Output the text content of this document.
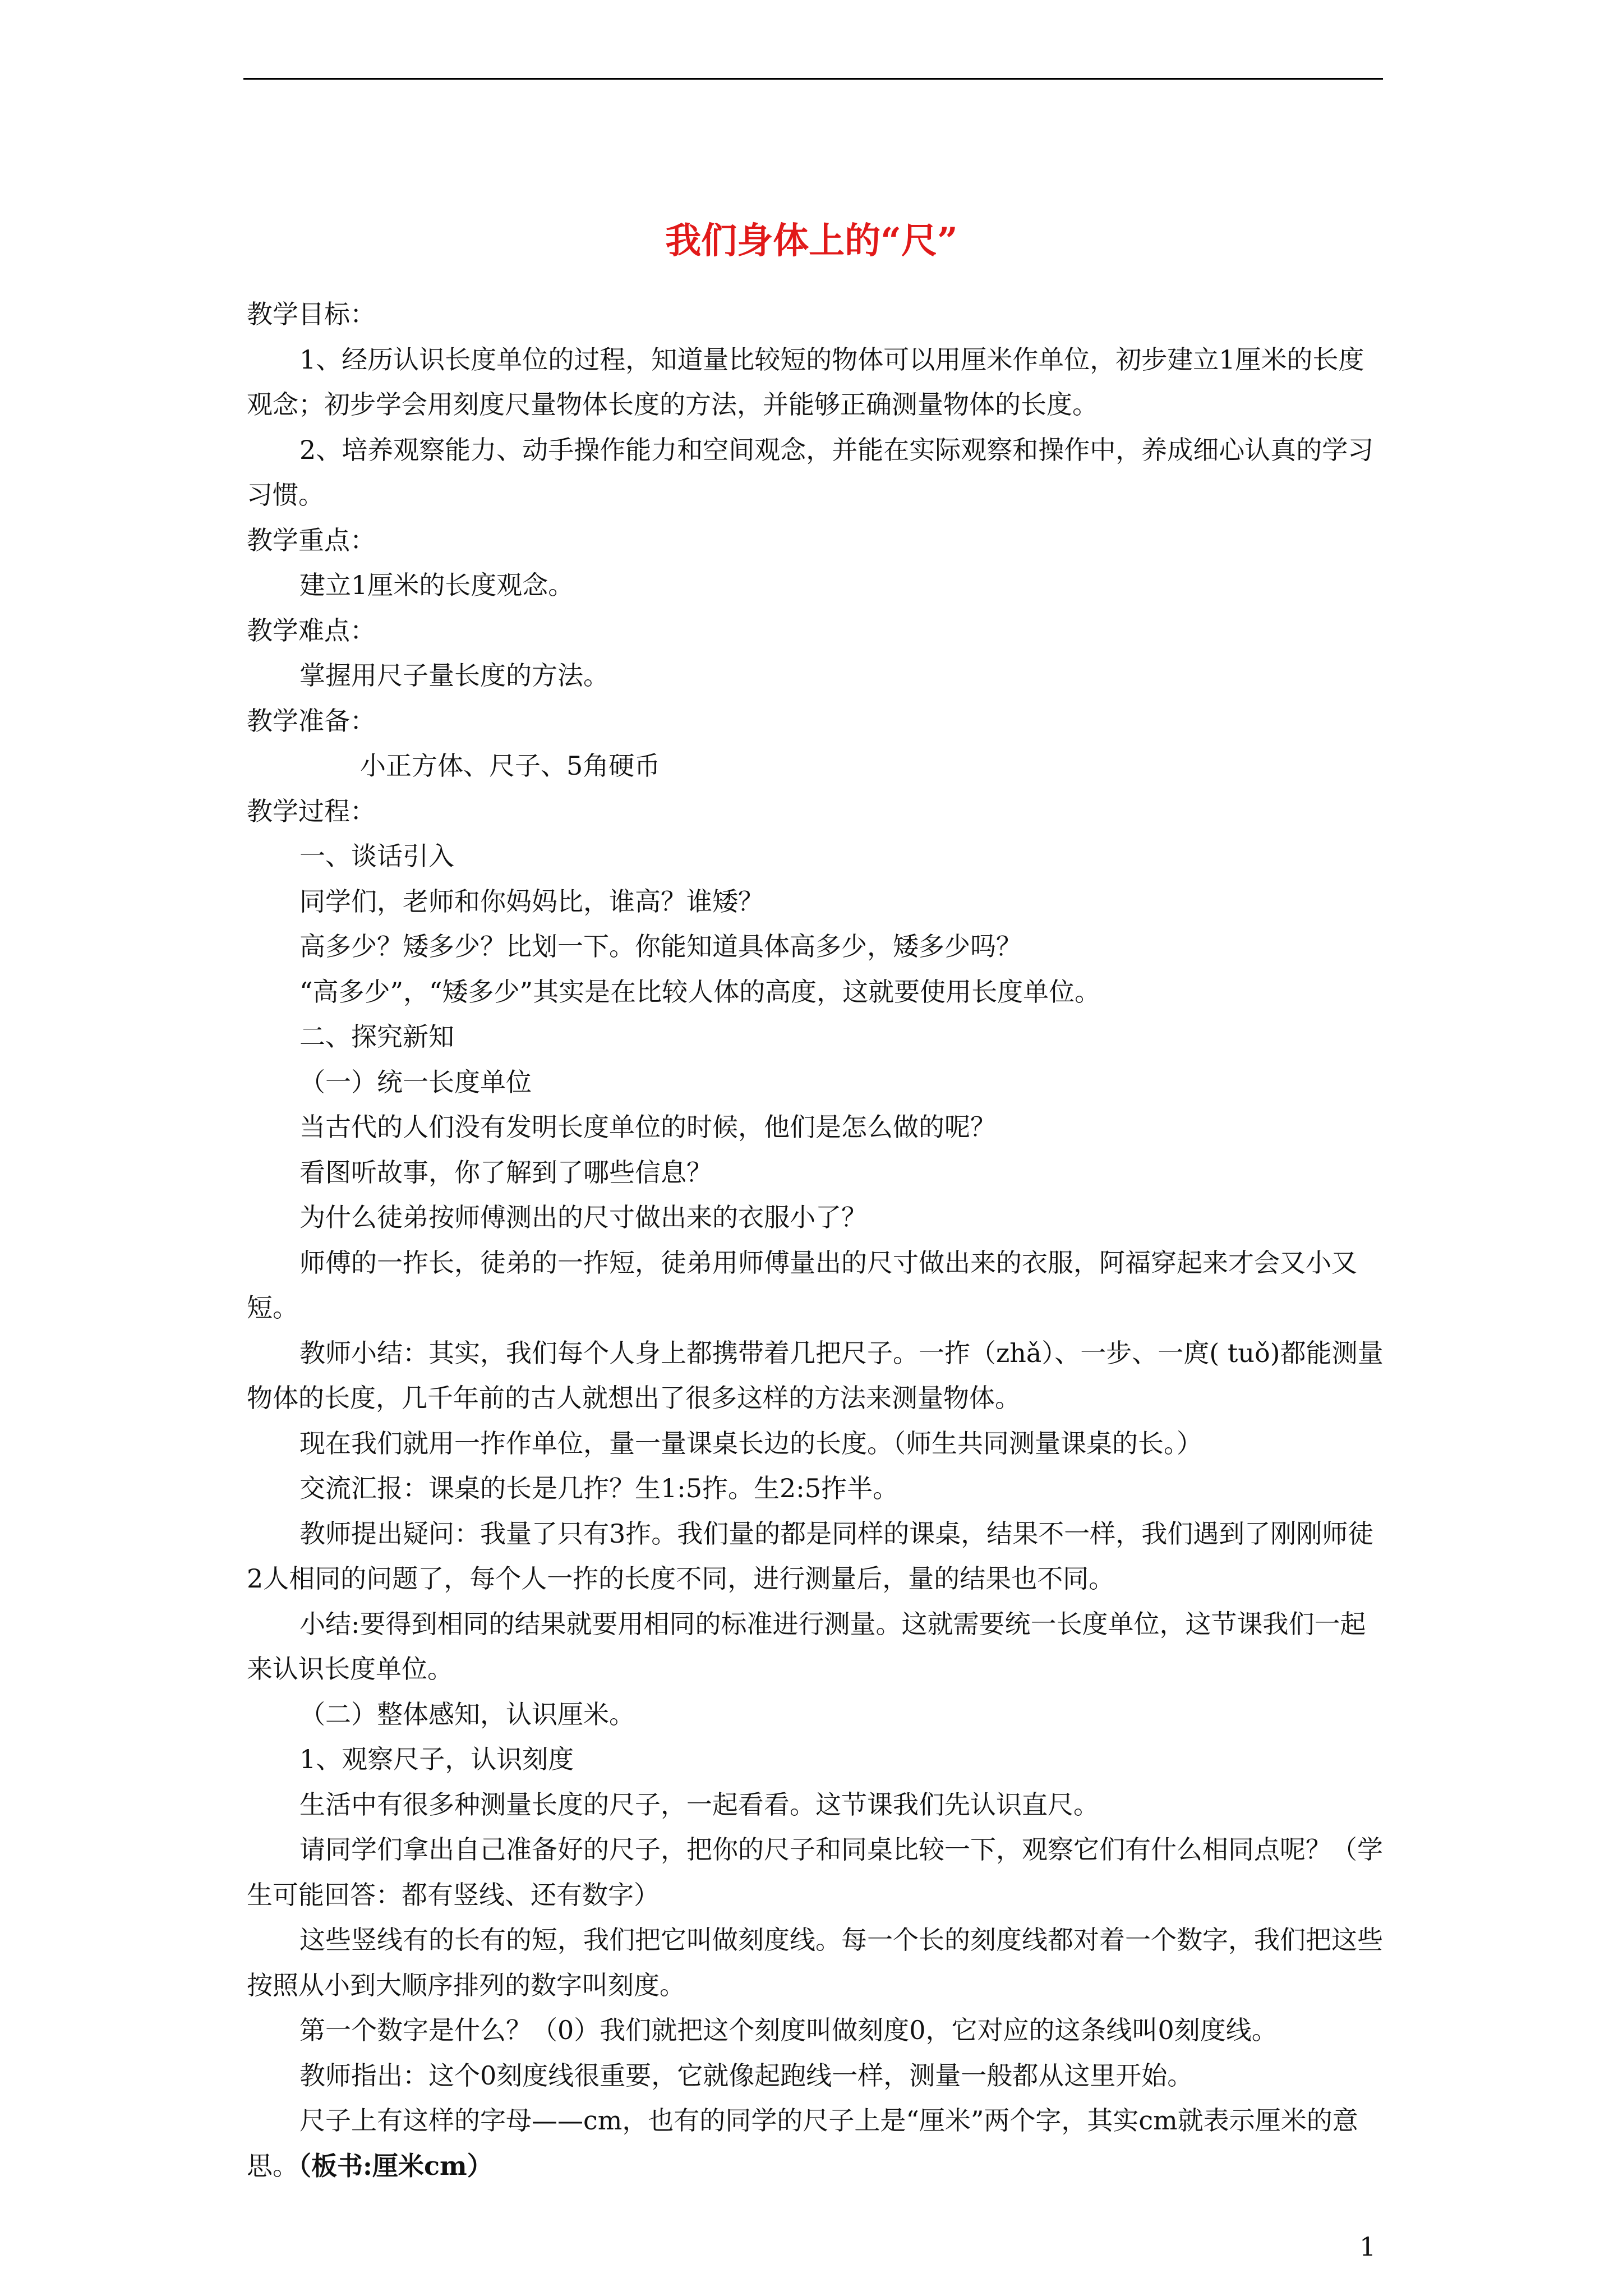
我们身体上的“尺”

教学目标：

1、经历认识长度单位的过程，知道量比较短的物体可以用厘米作单位，初步建立1厘米的长度观念；初步学会用刻度尺量物体长度的方法，并能够正确测量物体的长度。

2、培养观察能力、动手操作能力和空间观念，并能在实际观察和操作中，养成细心认真的学习习惯。

教学重点：

建立1厘米的长度观念。

教学难点：

掌握用尺子量长度的方法。

教学准备：

小正方体、尺子、5角硬币

教学过程：

一、谈话引入

同学们，老师和你妈妈比，谁高？谁矮？

高多少？矮多少？比划一下。你能知道具体高多少，矮多少吗？

“高多少”，“矮多少”其实是在比较人体的高度，这就要使用长度单位。

二、探究新知

（一）统一长度单位

当古代的人们没有发明长度单位的时候，他们是怎么做的呢？

看图听故事，你了解到了哪些信息？

为什么徒弟按师傅测出的尺寸做出来的衣服小了？

师傅的一拃长，徒弟的一拃短，徒弟用师傅量出的尺寸做出来的衣服，阿福穿起来才会又小又短。

教师小结：其实，我们每个人身上都携带着几把尺子。一拃（zhǎ）、一步、一庹( tuǒ)都能测量物体的长度，几千年前的古人就想出了很多这样的方法来测量物体。

现在我们就用一拃作单位，量一量课桌长边的长度。（师生共同测量课桌的长。）

交流汇报：课桌的长是几拃？生1:5拃。生2:5拃半。

教师提出疑问：我量了只有3拃。我们量的都是同样的课桌，结果不一样，我们遇到了刚刚师徒2人相同的问题了，每个人一拃的长度不同，进行测量后，量的结果也不同。

小结:要得到相同的结果就要用相同的标准进行测量。这就需要统一长度单位，这节课我们一起来认识长度单位。

（二）整体感知，认识厘米。

1、观察尺子，认识刻度

生活中有很多种测量长度的尺子，一起看看。这节课我们先认识直尺。

请同学们拿出自己准备好的尺子，把你的尺子和同桌比较一下，观察它们有什么相同点呢？（学生可能回答：都有竖线、还有数字）

这些竖线有的长有的短，我们把它叫做刻度线。每一个长的刻度线都对着一个数字，我们把这些按照从小到大顺序排列的数字叫刻度。

第一个数字是什么？（0）我们就把这个刻度叫做刻度0，它对应的这条线叫0刻度线。

教师指出：这个0刻度线很重要，它就像起跑线一样，测量一般都从这里开始。

尺子上有这样的字母——cm，也有的同学的尺子上是“厘米”两个字，其实cm就表示厘米的意思。（板书:厘米cm）

1
